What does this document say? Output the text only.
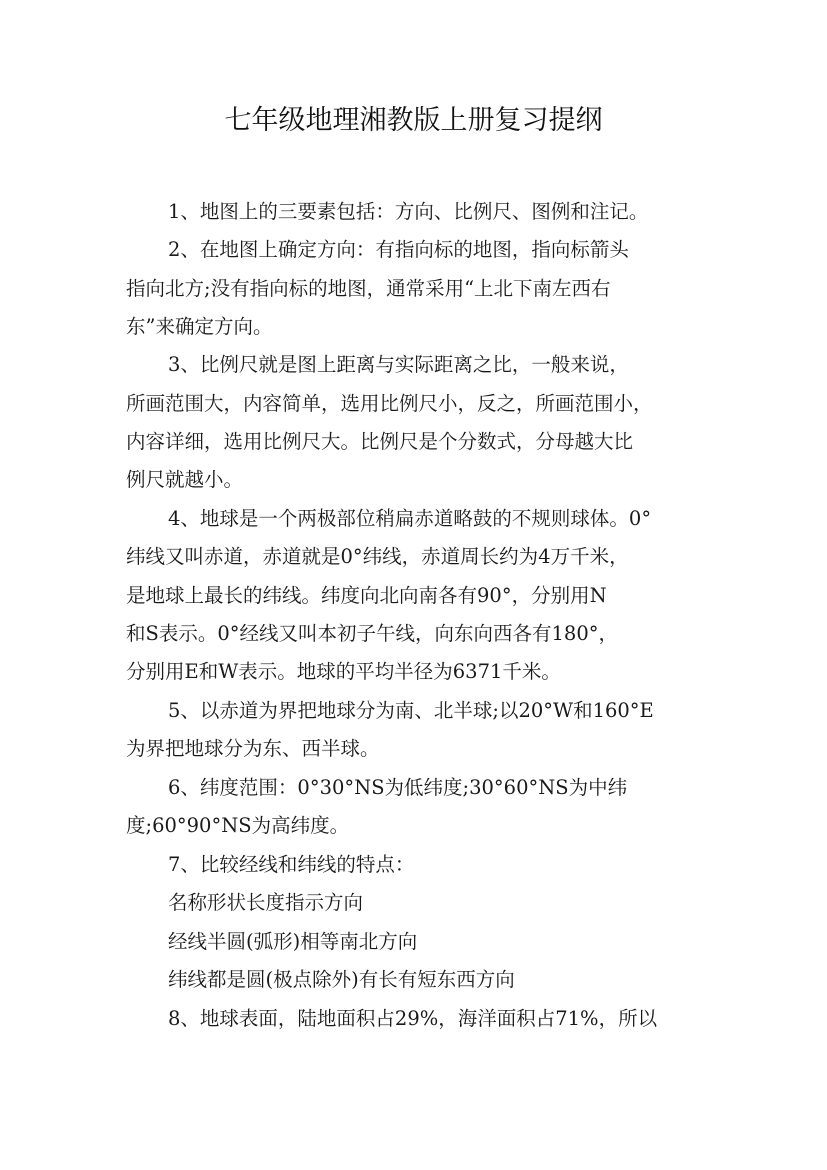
七年级地理湘教版上册复习提纲

1、地图上的三要素包括：方向、比例尺、图例和注记。

2、在地图上确定方向：有指向标的地图，指向标箭头

指向北方;没有指向标的地图，通常采用“上北下南左西右

东”来确定方向。

3、比例尺就是图上距离与实际距离之比，一般来说，

所画范围大，内容简单，选用比例尺小，反之，所画范围小，

内容详细，选用比例尺大。比例尺是个分数式，分母越大比

例尺就越小。

4、地球是一个两极部位稍扁赤道略鼓的不规则球体。0°

纬线又叫赤道，赤道就是0°纬线，赤道周长约为4万千米，

是地球上最长的纬线。纬度向北向南各有90°，分别用N

和S表示。0°经线又叫本初子午线，向东向西各有180°，

分别用E和W表示。地球的平均半径为6371千米。

5、以赤道为界把地球分为南、北半球;以20°W和160°E

为界把地球分为东、西半球。

6、纬度范围：0°30°NS为低纬度;30°60°NS为中纬

度;60°90°NS为高纬度。

7、比较经线和纬线的特点：

名称形状长度指示方向

经线半圆(弧形)相等南北方向

纬线都是圆(极点除外)有长有短东西方向

8、地球表面，陆地面积占29%，海洋面积占71%，所以
